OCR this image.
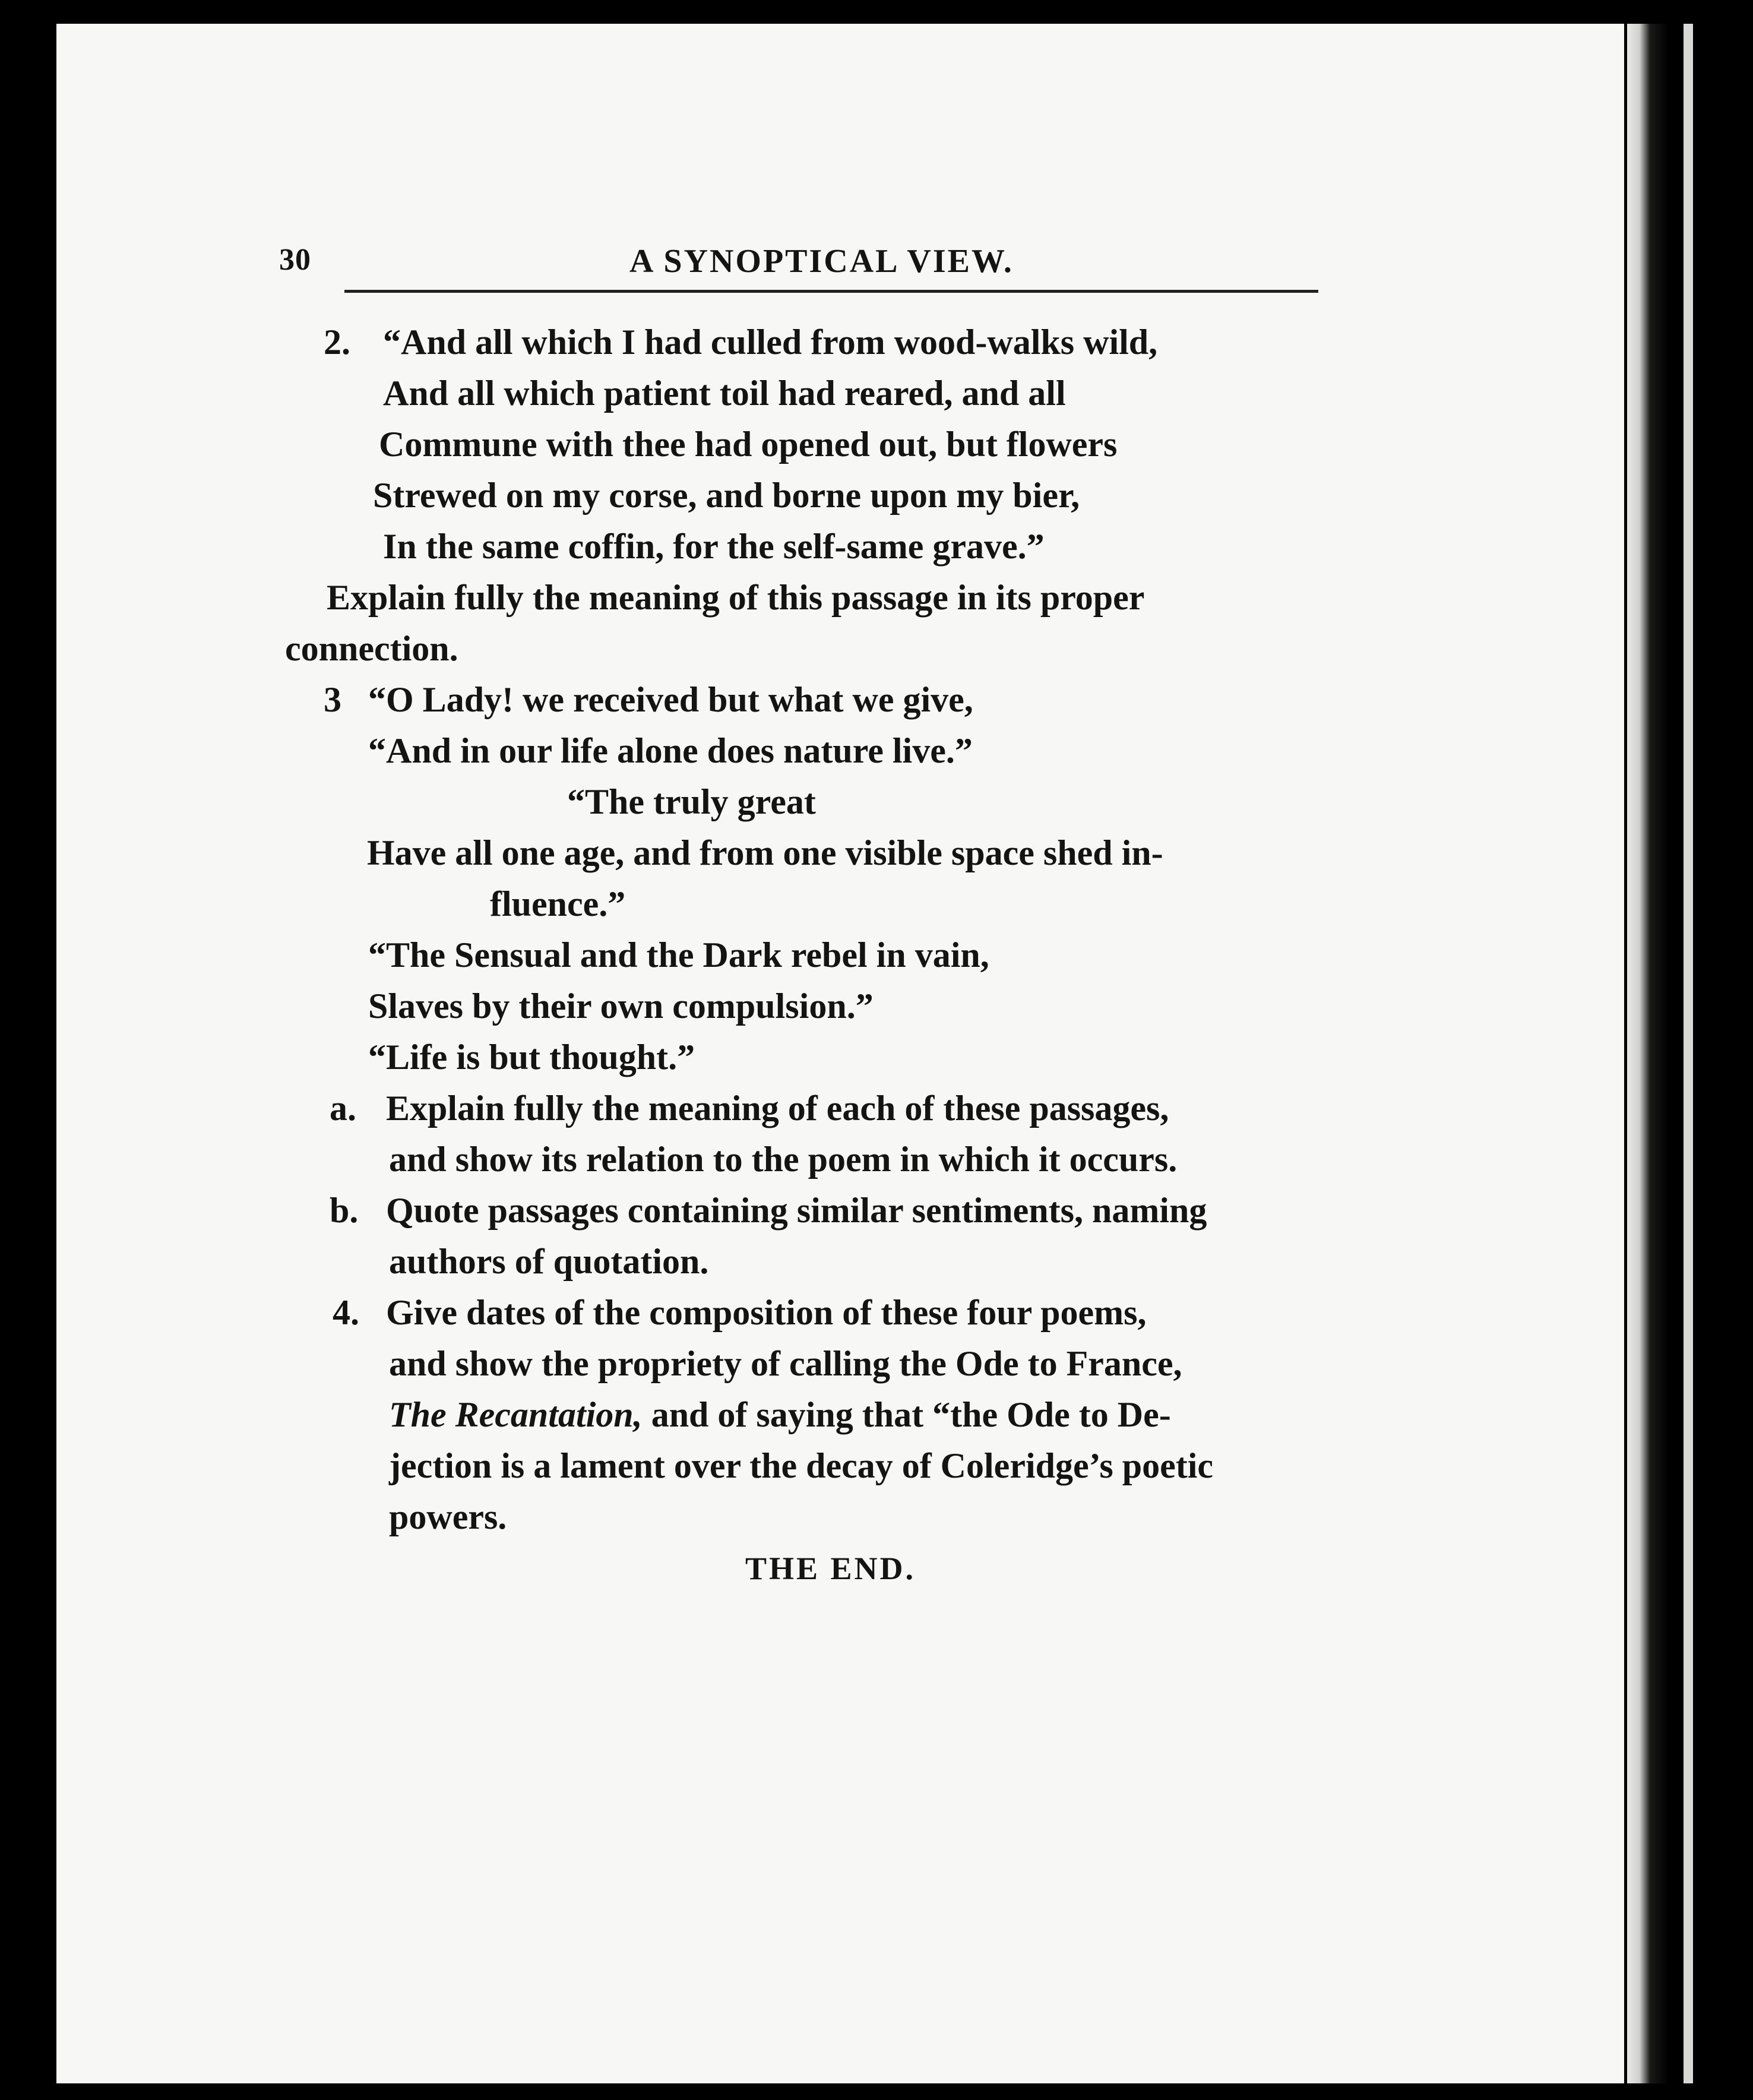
30	A SYNOPTICAL VIEW.
2. “And all which I had culled from wood-walks wild,
And all which patient toil had reared, and all
Commune with thee had opened out, but flowers
Strewed on my corse, and borne upon my bier,
In the same coffin, for the self-same grave.”
Explain fully the meaning of this passage in its proper
connection.
3 “O Lady! we received but what we give,
“And in our life alone does nature live.”
“The truly great
Have all one age, and from one visible space shed in-
fluence.”
“The Sensual and the Dark rebel in vain,
Slaves by their own compulsion.”
“Life is but thought.”
a. Explain fully the meaning of each of these passages,
and show its relation to the poem in which it occurs.
b. Quote passages containing similar sentiments, naming
authors of quotation.
4. Give dates of the composition of these four poems,
and show the propriety of calling the Ode to France,
The Recantation, and of saying that “the Ode to De-
jection is a lament over the decay of Coleridge’s poetic
powers.
THE END.
